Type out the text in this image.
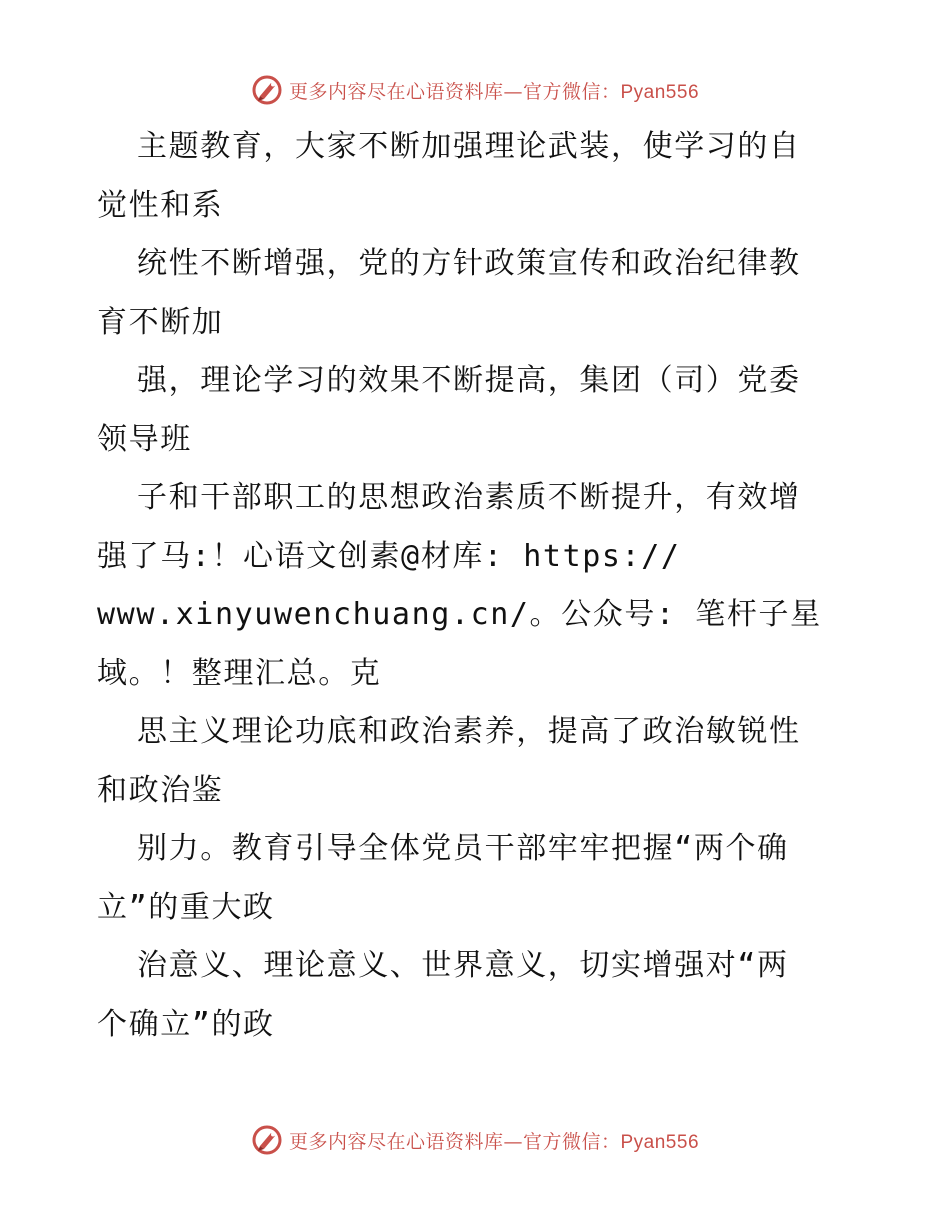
更多内容尽在心语资料库—官方微信：Pyan556
主题教育，大家不断加强理论武装，使学习的自
觉性和系
统性不断增强，党的方针政策宣传和政治纪律教
育不断加
强，理论学习的效果不断提高，集团（司）党委
领导班
子和干部职工的思想政治素质不断提升，有效增
强了马:！心语文创素@材库: https://
www.xinyuwenchuang.cn/。公众号: 笔杆子星
域。！整理汇总。克
思主义理论功底和政治素养，提高了政治敏锐性
和政治鉴
别力。教育引导全体党员干部牢牢把握“两个确
立”的重大政
治意义、理论意义、世界意义，切实增强对“两
个确立”的政
更多内容尽在心语资料库—官方微信：Pyan556
